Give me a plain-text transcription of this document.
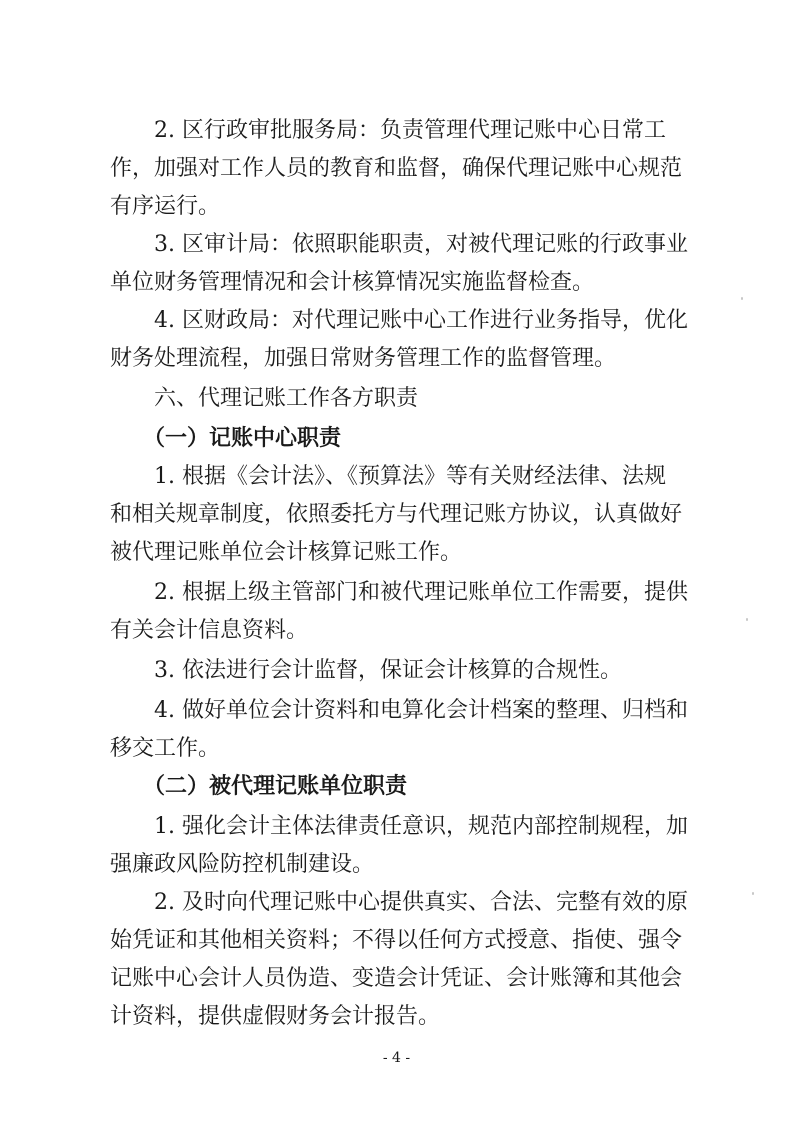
　　2. 区行政审批服务局：负责管理代理记账中心日常工
作，加强对工作人员的教育和监督，确保代理记账中心规范
有序运行。
　　3. 区审计局：依照职能职责，对被代理记账的行政事业
单位财务管理情况和会计核算情况实施监督检查。
　　4. 区财政局：对代理记账中心工作进行业务指导，优化
财务处理流程，加强日常财务管理工作的监督管理。
　　六、代理记账工作各方职责
　　（一）记账中心职责
　　1. 根据《会计法》、《预算法》等有关财经法律、法规
和相关规章制度，依照委托方与代理记账方协议，认真做好
被代理记账单位会计核算记账工作。
　　2. 根据上级主管部门和被代理记账单位工作需要，提供
有关会计信息资料。
　　3. 依法进行会计监督，保证会计核算的合规性。
　　4. 做好单位会计资料和电算化会计档案的整理、归档和
移交工作。
　　（二）被代理记账单位职责
　　1. 强化会计主体法律责任意识，规范内部控制规程，加
强廉政风险防控机制建设。
　　2. 及时向代理记账中心提供真实、合法、完整有效的原
始凭证和其他相关资料；不得以任何方式授意、指使、强令
记账中心会计人员伪造、变造会计凭证、会计账簿和其他会
计资料，提供虚假财务会计报告。
- 4 -
